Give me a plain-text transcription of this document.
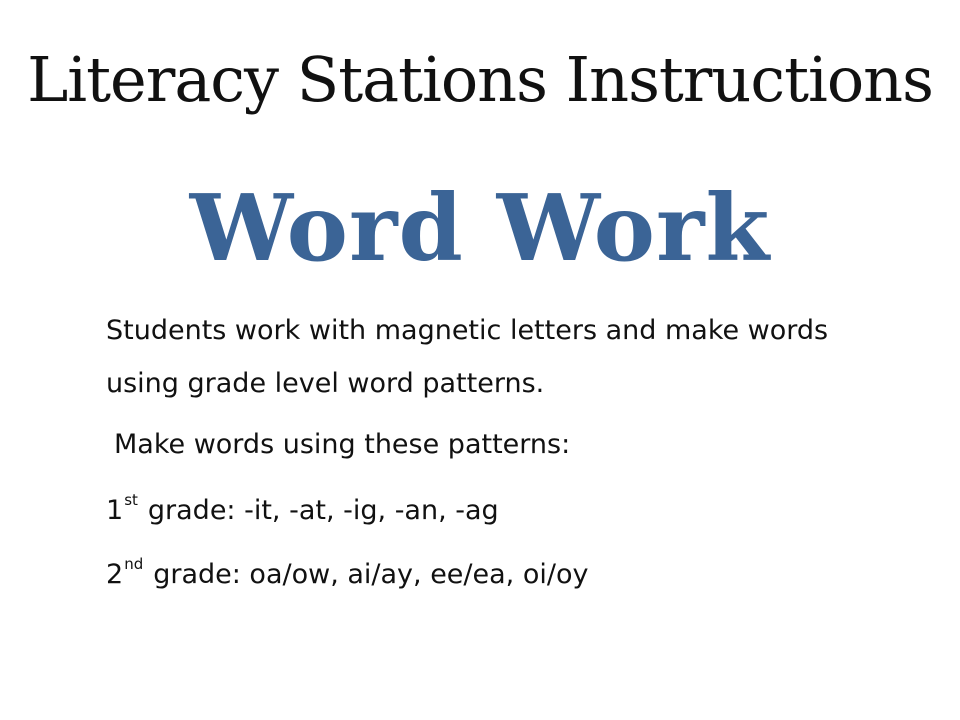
Literacy Stations Instructions
Word Work
Students work with magnetic letters and make words
using grade level word patterns.
Make words using these patterns:
1st grade: -it, -at, -ig, -an, -ag
2nd grade: oa/ow, ai/ay, ee/ea, oi/oy
